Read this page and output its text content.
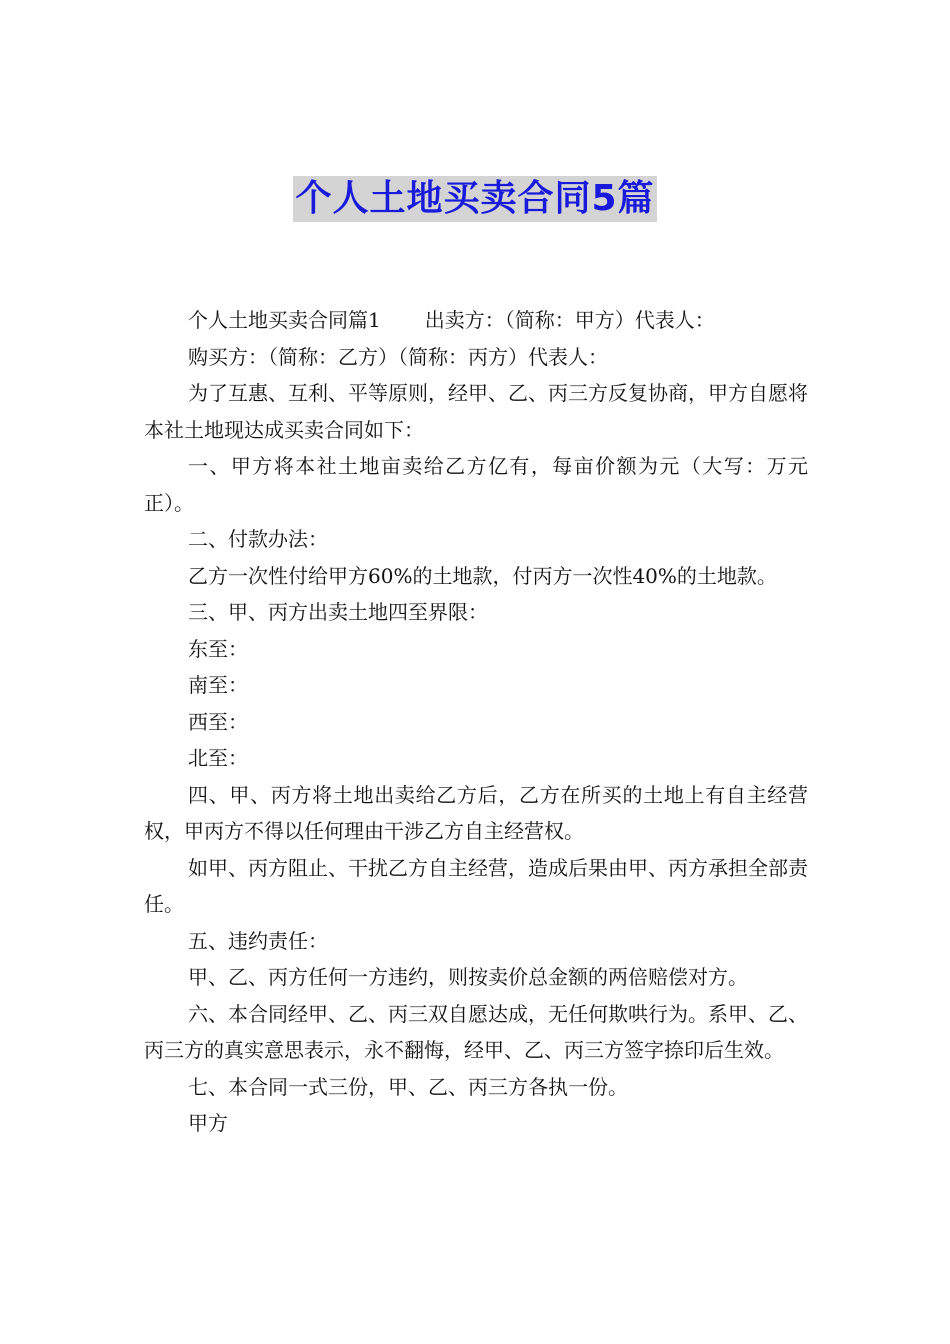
个人土地买卖合同5篇

个人土地买卖合同篇1 出卖方：（简称：甲方）代表人：

购买方：（简称：乙方）（简称：丙方）代表人：

为了互惠、互利、平等原则，经甲、乙、丙三方反复协商，甲方自愿将本社土地现达成买卖合同如下：

一、甲方将本社土地亩卖给乙方亿有，每亩价额为元（大写：万元正）。

二、付款办法：

乙方一次性付给甲方60%的土地款，付丙方一次性40%的土地款。

三、甲、丙方出卖土地四至界限：

东至：

南至：

西至：

北至：

四、甲、丙方将土地出卖给乙方后，乙方在所买的土地上有自主经营权，甲丙方不得以任何理由干涉乙方自主经营权。

如甲、丙方阻止、干扰乙方自主经营，造成后果由甲、丙方承担全部责任。

五、违约责任：

甲、乙、丙方任何一方违约，则按卖价总金额的两倍赔偿对方。

六、本合同经甲、乙、丙三双自愿达成，无任何欺哄行为。系甲、乙、丙三方的真实意思表示，永不翻悔，经甲、乙、丙三方签字捺印后生效。

七、本合同一式三份，甲、乙、丙三方各执一份。

甲方
